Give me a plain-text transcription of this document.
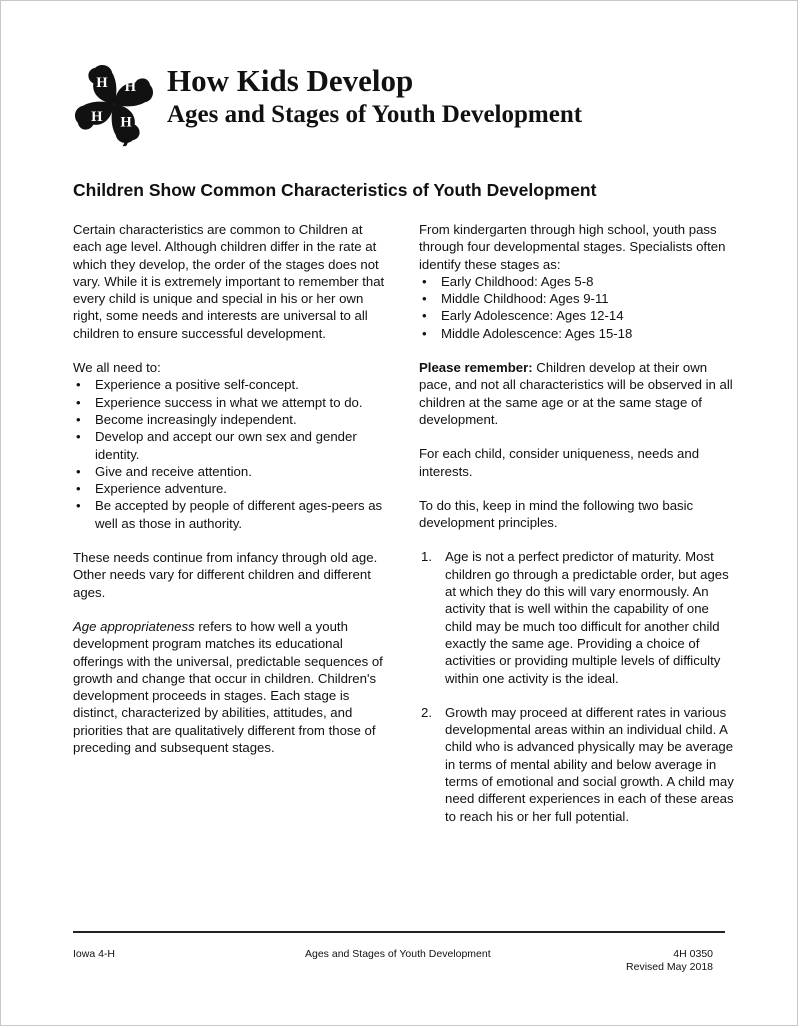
H H
H
H
How Kids Develop
Ages and Stages of Youth Development
Children Show Common Characteristics of Youth Development

Certain characteristics are common to Children at each age level. Although children differ in the rate at which they develop, the order of the stages does not vary. While it is extremely important to remember that every child is unique and special in his or her own right, some needs and interests are universal to all children to ensure successful development.

We all need to:
• Experience a positive self-concept.
• Experience success in what we attempt to do.
• Become increasingly independent.
• Develop and accept our own sex and gender identity.
• Give and receive attention.
• Experience adventure.
• Be accepted by people of different ages-peers as well as those in authority.

These needs continue from infancy through old age. Other needs vary for different children and different ages.

Age appropriateness refers to how well a youth development program matches its educational offerings with the universal, predictable sequences of growth and change that occur in children. Children's development proceeds in stages. Each stage is distinct, characterized by abilities, attitudes, and priorities that are qualitatively different from those of preceding and subsequent stages.

From kindergarten through high school, youth pass through four developmental stages. Specialists often identify these stages as:
• Early Childhood: Ages 5-8
• Middle Childhood: Ages 9-11
• Early Adolescence: Ages 12-14
• Middle Adolescence: Ages 15-18

Please remember: Children develop at their own pace, and not all characteristics will be observed in all children at the same age or at the same stage of development.

For each child, consider uniqueness, needs and interests.

To do this, keep in mind the following two basic development principles.

1. Age is not a perfect predictor of maturity. Most children go through a predictable order, but ages at which they do this will vary enormously. An activity that is well within the capability of one child may be much too difficult for another child exactly the same age. Providing a choice of activities or providing multiple levels of difficulty within one activity is the ideal.
2. Growth may proceed at different rates in various developmental areas within an individual child. A child who is advanced physically may be average in terms of mental ability and below average in terms of emotional and social growth. A child may need different experiences in each of these areas to reach his or her full potential.
Iowa 4-H	Ages and Stages of Youth Development	4H 0350
Revised May 2018
